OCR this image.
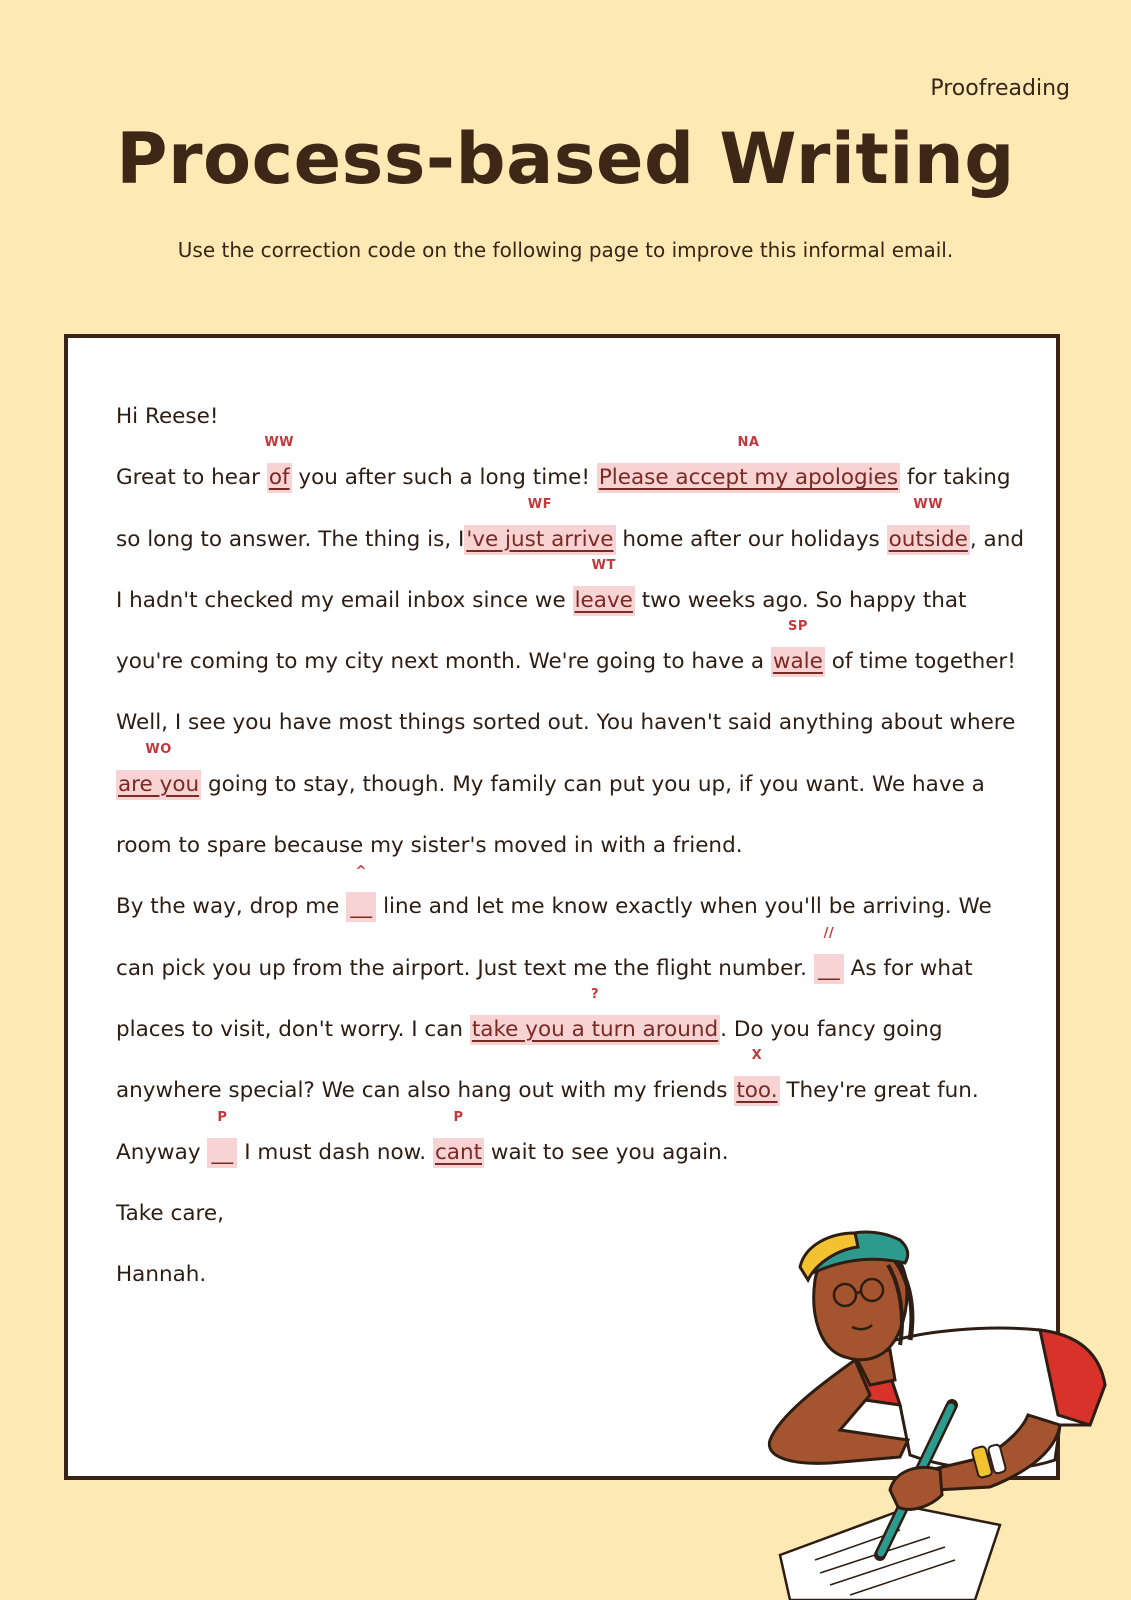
Proofreading
Process-based Writing

Use the correction code on the following page to improve this informal email.

Hi Reese!

Great to hear
WW
of you after such a long time!
NA
Please accept my apologies for taking so long to answer. The thing is, I
WF
've just arrive home after our holidays
WW
outside, and I hadn't checked my email inbox since we
WT
leave two weeks ago. So happy that you're coming to my city next month. We're going to have a
SP
wale of time together!

Well, I see you have most things sorted out. You haven't said anything about where
WO
are you going to stay, though. My family can put you up, if you want. We have a room to spare because my sister's moved in with a friend.

By the way, drop me
^
__ line and let me know exactly when you'll be arriving. We can pick you up from the airport. Just text me the flight number.
//
__ As for what places to visit, don't worry. I can
?
take you a turn around. Do you fancy going anywhere special? We can also hang out with my friends
X
too. They're great fun.

Anyway
P
__ I must dash now.
P
cant wait to see you again.

Take care,

Hannah.
